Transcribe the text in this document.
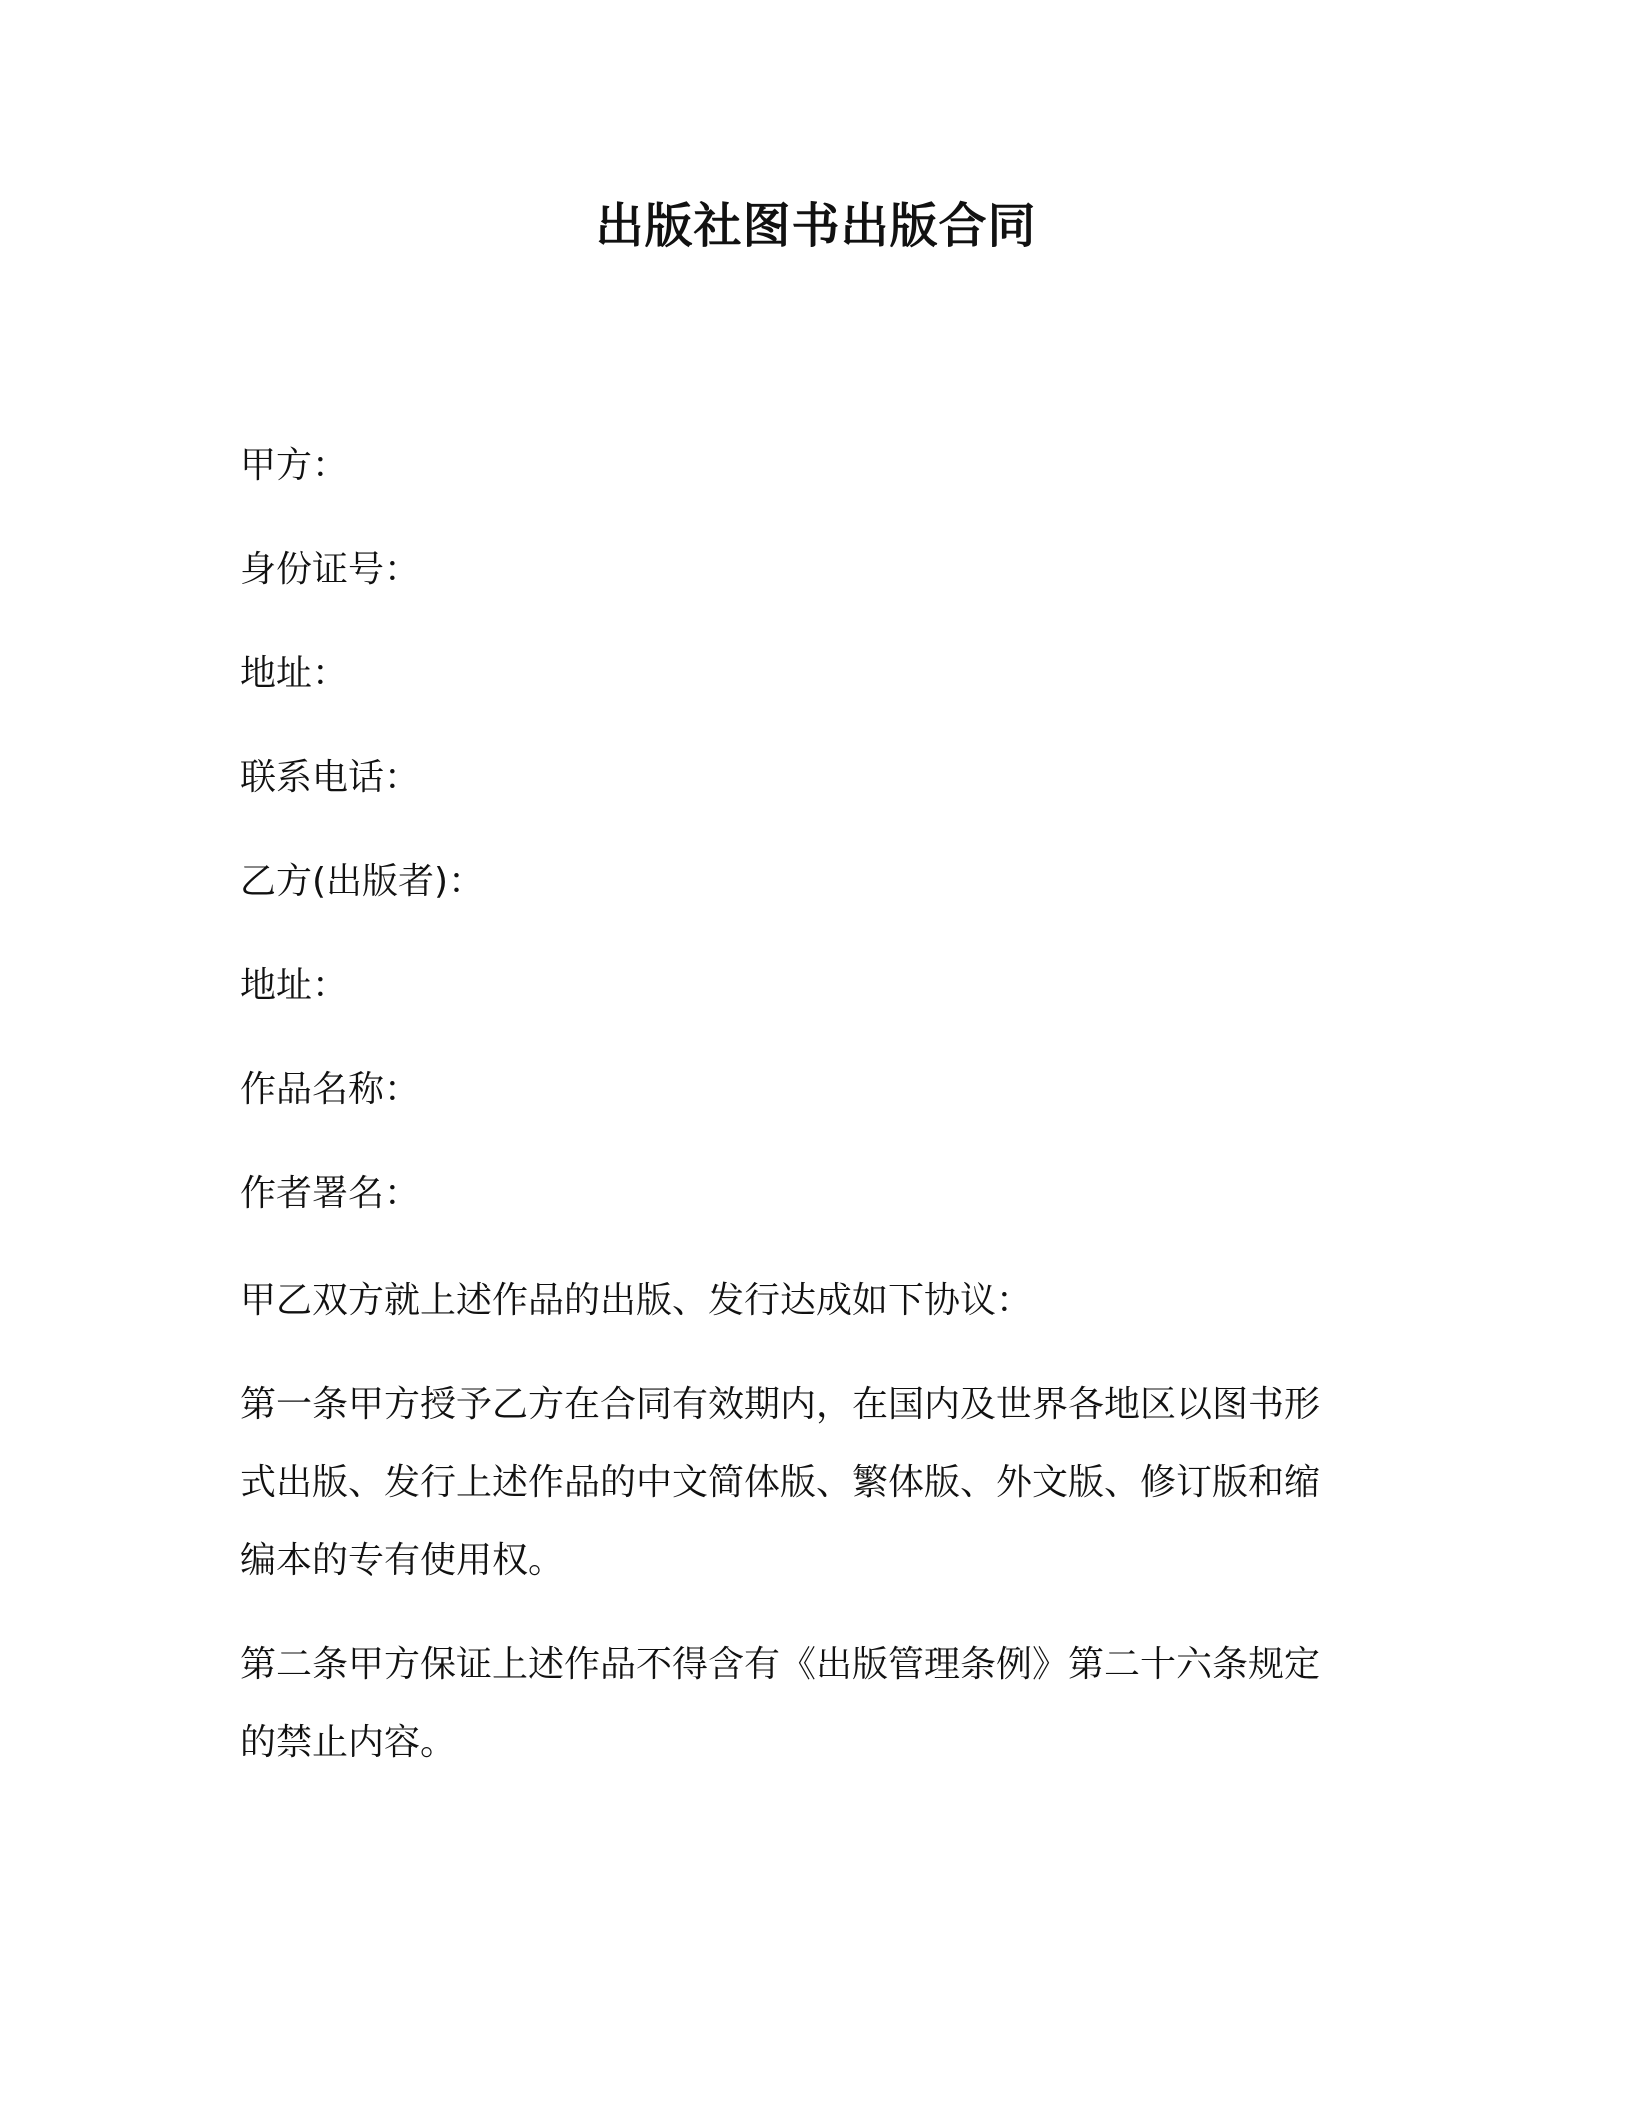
出版社图书出版合同
甲方：
身份证号：
地址：
联系电话：
乙方(出版者)：
地址：
作品名称：
作者署名：
甲乙双方就上述作品的出版、发行达成如下协议：
第一条甲方授予乙方在合同有效期内，在国内及世界各地区以图书形
式出版、发行上述作品的中文简体版、繁体版、外文版、修订版和缩
编本的专有使用权。
第二条甲方保证上述作品不得含有《出版管理条例》第二十六条规定
的禁止内容。
